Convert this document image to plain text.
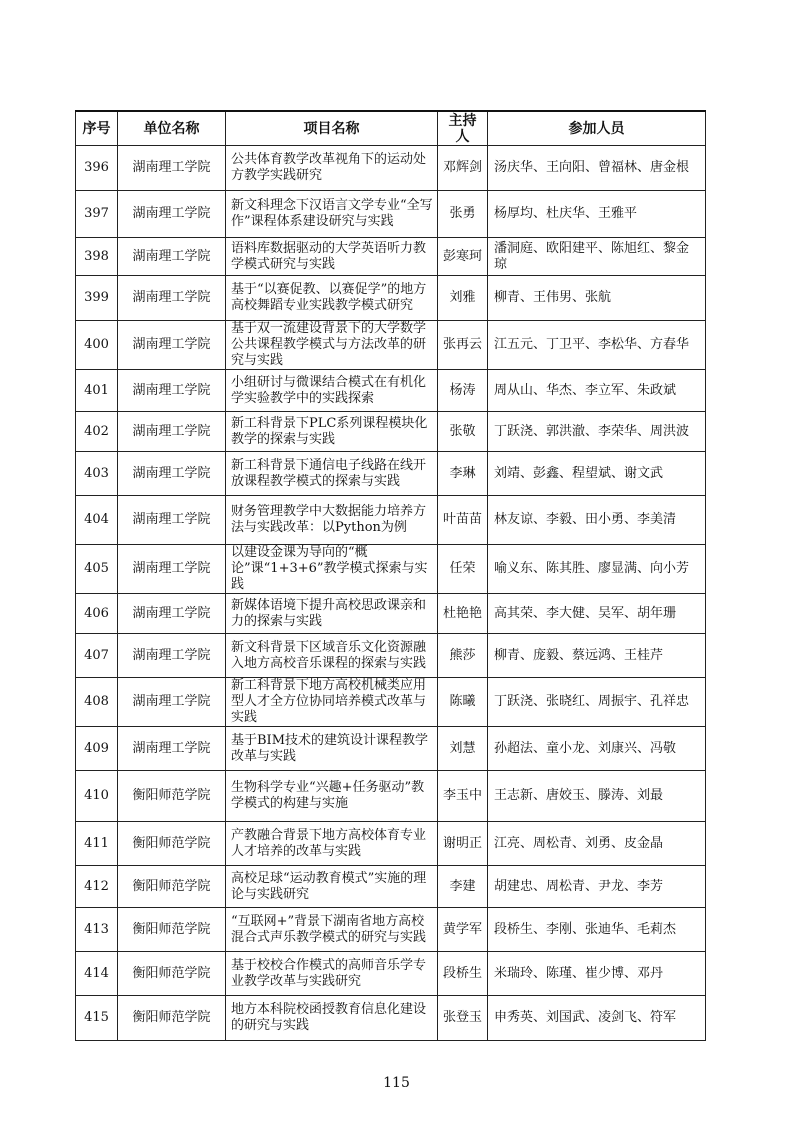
序号	单位名称	项目名称	主持人	参加人员
396	湖南理工学院	公共体育教学改革视角下的运动处方教学实践研究	邓辉剑	汤庆华、王向阳、曾福林、唐金根
397	湖南理工学院	新文科理念下汉语言文学专业“全写作”课程体系建设研究与实践	张勇	杨厚均、杜庆华、王雅平
398	湖南理工学院	语料库数据驱动的大学英语听力教学模式研究与实践	彭寒珂	潘洞庭、欧阳建平、陈旭红、黎金琼
399	湖南理工学院	基于“以赛促教、以赛促学”的地方高校舞蹈专业实践教学模式研究	刘雅	柳青、王伟男、张航
400	湖南理工学院	基于双一流建设背景下的大学数学公共课程教学模式与方法改革的研究与实践	张再云	江五元、丁卫平、李松华、方春华
401	湖南理工学院	小组研讨与微课结合模式在有机化学实验教学中的实践探索	杨涛	周从山、华杰、李立军、朱政斌
402	湖南理工学院	新工科背景下PLC系列课程模块化教学的探索与实践	张敬	丁跃浇、郭洪澈、李荣华、周洪波
403	湖南理工学院	新工科背景下通信电子线路在线开放课程教学模式的探索与实践	李琳	刘靖、彭鑫、程望斌、谢文武
404	湖南理工学院	财务管理教学中大数据能力培养方法与实践改革：以Python为例	叶苗苗	林友谅、李毅、田小勇、李美清
405	湖南理工学院	以建设金课为导向的“概论”课“1+3+6”教学模式探索与实践	任荣	喻义东、陈其胜、廖显满、向小芳
406	湖南理工学院	新媒体语境下提升高校思政课亲和力的探索与实践	杜艳艳	高其荣、李大健、吴军、胡年珊
407	湖南理工学院	新文科背景下区域音乐文化资源融入地方高校音乐课程的探索与实践	熊莎	柳青、庞毅、蔡远鸿、王桂芹
408	湖南理工学院	新工科背景下地方高校机械类应用型人才全方位协同培养模式改革与实践	陈曦	丁跃浇、张晓红、周振宇、孔祥忠
409	湖南理工学院	基于BIM技术的建筑设计课程教学改革与实践	刘慧	孙超法、童小龙、刘康兴、冯敬
410	衡阳师范学院	生物科学专业“兴趣+任务驱动”教学模式的构建与实施	李玉中	王志新、唐姣玉、滕涛、刘最
411	衡阳师范学院	产教融合背景下地方高校体育专业人才培养的改革与实践	谢明正	江亮、周松青、刘勇、皮金晶
412	衡阳师范学院	高校足球“运动教育模式”实施的理论与实践研究	李建	胡建忠、周松青、尹龙、李芳
413	衡阳师范学院	“互联网+”背景下湖南省地方高校混合式声乐教学模式的研究与实践	黄学军	段桥生、李刚、张迪华、毛莉杰
414	衡阳师范学院	基于校校合作模式的高师音乐学专业教学改革与实践研究	段桥生	米瑞玲、陈瑾、崔少博、邓丹
415	衡阳师范学院	地方本科院校函授教育信息化建设的研究与实践	张登玉	申秀英、刘国武、凌剑飞、符军
115
